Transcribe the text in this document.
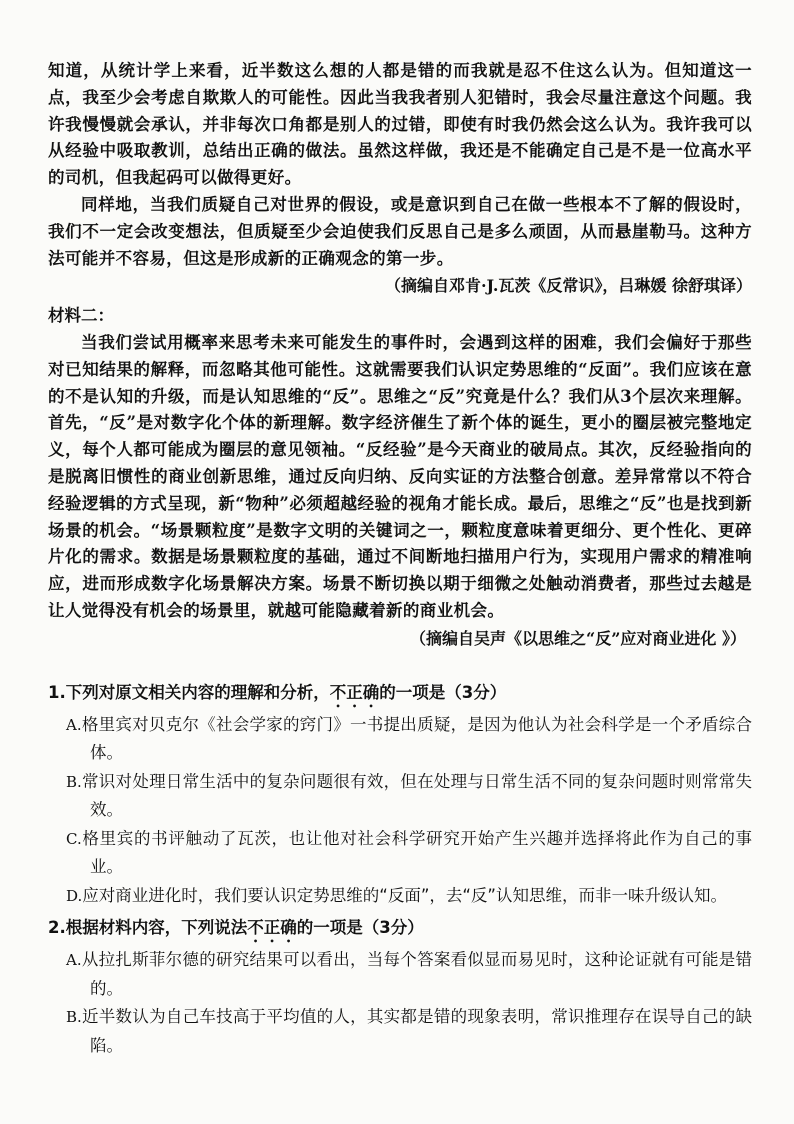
知道，从统计学上来看，近半数这么想的人都是错的而我就是忍不住这么认为。但知道这一点，我至少会考虑自欺欺人的可能性。因此当我我者别人犯错时，我会尽量注意这个问题。我许我慢慢就会承认，并非每次口角都是别人的过错，即使有时我仍然会这么认为。我许我可以从经验中吸取教训，总结出正确的做法。虽然这样做，我还是不能确定自己是不是一位高水平的司机，但我起码可以做得更好。

同样地，当我们质疑自己对世界的假设，或是意识到自己在做一些根本不了解的假设时，我们不一定会改变想法，但质疑至少会迫使我们反思自己是多么顽固，从而悬崖勒马。这种方法可能并不容易，但这是形成新的正确观念的第一步。

（摘编自邓肯·J.瓦茨《反常识》，吕琳媛 徐舒琪译）

材料二：

当我们尝试用概率来思考未来可能发生的事件时，会遇到这样的困难，我们会偏好于那些对已知结果的解释，而忽略其他可能性。这就需要我们认识定势思维的“反面”。我们应该在意的不是认知的升级，而是认知思维的“反”。思维之“反”究竟是什么？我们从3个层次来理解。首先，“反”是对数字化个体的新理解。数字经济催生了新个体的诞生，更小的圈层被完整地定义，每个人都可能成为圈层的意见领袖。“反经验”是今天商业的破局点。其次，反经验指向的是脱离旧惯性的商业创新思维，通过反向归纳、反向实证的方法整合创意。差异常常以不符合经验逻辑的方式呈现，新“物种”必须超越经验的视角才能长成。最后，思维之“反”也是找到新场景的机会。“场景颗粒度”是数字文明的关键词之一，颗粒度意味着更细分、更个性化、更碎片化的需求。数据是场景颗粒度的基础，通过不间断地扫描用户行为，实现用户需求的精准响应，进而形成数字化场景解决方案。场景不断切换以期于细微之处触动消费者，那些过去越是让人觉得没有机会的场景里，就越可能隐藏着新的商业机会。

（摘编自吴声《以思维之“反”应对商业进化 》）

1.下列对原文相关内容的理解和分析，不正确的一项是（3分）

A.格里宾对贝克尔《社会学家的窍门》一书提出质疑，是因为他认为社会科学是一个矛盾综合体。

B.常识对处理日常生活中的复杂问题很有效，但在处理与日常生活不同的复杂问题时则常常失效。

C.格里宾的书评触动了瓦茨，也让他对社会科学研究开始产生兴趣并选择将此作为自己的事业。

D.应对商业进化时，我们要认识定势思维的“反面”，去“反”认知思维，而非一味升级认知。

2.根据材料内容，下列说法不正确的一项是（3分）

A.从拉扎斯菲尔德的研究结果可以看出，当每个答案看似显而易见时，这种论证就有可能是错的。

B.近半数认为自己车技高于平均值的人，其实都是错的现象表明，常识推理存在误导自己的缺陷。
